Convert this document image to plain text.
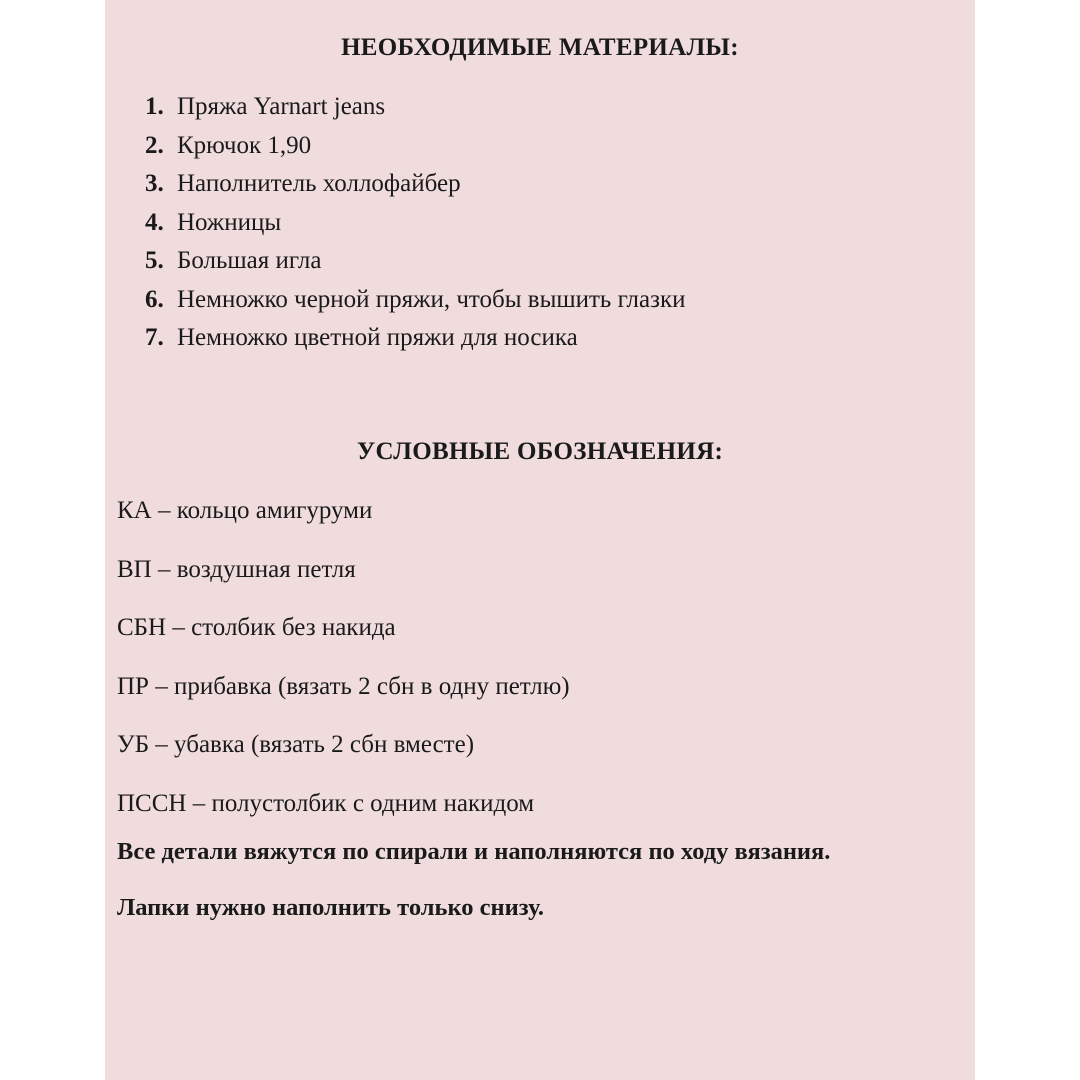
НЕОБХОДИМЫЕ МАТЕРИАЛЫ:
1. Пряжа Yarnart jeans
2. Крючок 1,90
3. Наполнитель холлофайбер
4. Ножницы
5. Большая игла
6. Немножко черной пряжи, чтобы вышить глазки
7. Немножко цветной пряжи для носика
УСЛОВНЫЕ ОБОЗНАЧЕНИЯ:
КА – кольцо амигуруми
ВП – воздушная петля
СБН – столбик без накида
ПР – прибавка (вязать 2 сбн в одну петлю)
УБ – убавка (вязать 2 сбн вместе)
ПССН – полустолбик с одним накидом
Все детали вяжутся по спирали и наполняются по ходу вязания.
Лапки нужно наполнить только снизу.
